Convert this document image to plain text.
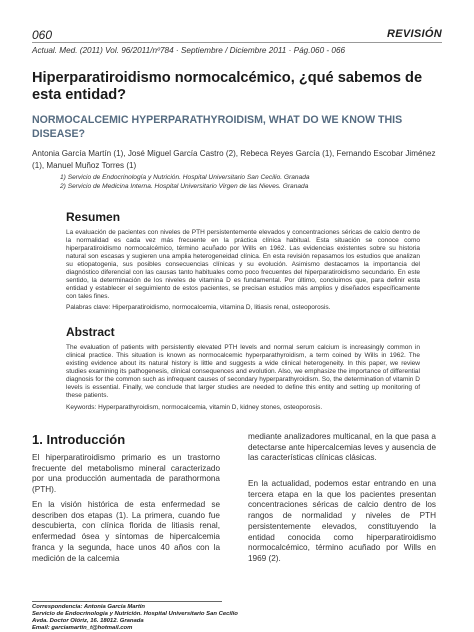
060	REVISIÓN
Actual. Med. (2011) Vol. 96/2011/nº784 · Septiembre / Diciembre 2011 · Pág.060 - 066
Hiperparatiroidismo normocalcémico, ¿qué sabemos de esta entidad?
NORMOCALCEMIC HYPERPARATHYROIDISM, WHAT DO WE KNOW THIS DISEASE?

Antonia García Martín (1), José Miguel García Castro (2), Rebeca Reyes García (1), Fernando Escobar Jiménez (1), Manuel Muñoz Torres (1)

1) Servicio de Endocrinología y Nutrición. Hospital Universitario San Cecilio. Granada
2) Servicio de Medicina Interna. Hospital Universitario Virgen de las Nieves. Granada
Resumen

La evaluación de pacientes con niveles de PTH persistentemente elevados y concentraciones séricas de calcio dentro de la normalidad es cada vez más frecuente en la práctica clínica habitual. Esta situación se conoce como hiperparatiroidismo normocalcémico, término acuñado por Wills en 1962. Las evidencias existentes sobre su historia natural son escasas y sugieren una amplia heterogeneidad clínica. En esta revisión repasamos los estudios que analizan su etiopatogenia, sus posibles consecuencias clínicas y su evolución. Asimismo destacamos la importancia del diagnóstico diferencial con las causas tanto habituales como poco frecuentes del hiperparatiroidismo secundario. En este sentido, la determinación de los niveles de vitamina D es fundamental. Por último, concluimos que, para definir esta entidad y establecer el seguimiento de estos pacientes, se precisan estudios más amplios y diseñados específicamente con tales fines.

Palabras clave: Hiperparatiroidismo, normocalcemia, vitamina D, litiasis renal, osteoporosis.

Abstract

The evaluation of patients with persistently elevated PTH levels and normal serum calcium is increasingly common in clinical practice. This situation is known as normocalcemic hyperparathyroidism, a term coined by Wills in 1962. The existing evidence about its natural history is little and suggests a wide clinical heterogeneity. In this paper, we review studies examining its pathogenesis, clinical consequences and evolution. Also, we emphasize the importance of differential diagnosis for the common such as infrequent causes of secondary hyperparathyroidism. So, the determination of vitamin D levels is essential. Finally, we conclude that larger studies are needed to define this entity and setting up monitoring of these patients.

Keywords: Hyperparathyroidism, normocalcemia, vitamin D, kidney stones, osteoporosis.

1. Introducción

El hiperparatiroidismo primario es un trastorno frecuente del metabolismo mineral caracterizado por una producción aumentada de parathormona (PTH).

En la visión histórica de esta enfermedad se describen dos etapas (1). La primera, cuando fue descubierta, con clínica florida de litiasis renal, enfermedad ósea y síntomas de hipercalcemia franca y la segunda, hace unos 40 años con la medición de la calcemia

mediante analizadores multicanal, en la que pasa a detectarse ante hipercalcemias leves y ausencia de las características clínicas clásicas.

En la actualidad, podemos estar entrando en una tercera etapa en la que los pacientes presentan concentraciones séricas de calcio dentro de los rangos de normalidad y niveles de PTH persistentemente elevados, constituyendo la entidad conocida como hiperparatiroidismo normocalcémico, término acuñado por Wills en 1969 (2).

Correspondencia: Antonia García Martín
Servicio de Endocrinología y Nutrición. Hospital Universitario San Cecilio
Avda. Doctor Olóriz, 16. 18012. Granada
Email: garciamartin_t@hotmail.com
